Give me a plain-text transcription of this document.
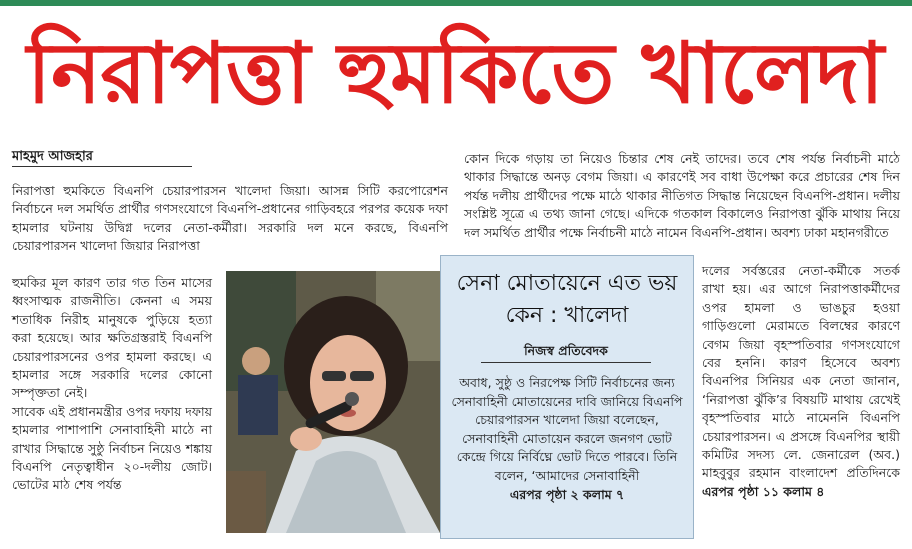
নিরাপত্তা হুমকিতে খালেদা
মাহমুদ আজহার

নিরাপত্তা হুমকিতে বিএনপি চেয়ারপারসন খালেদা জিয়া। আসন্ন সিটি করপোরেশন নির্বাচনে দল সমর্থিত প্রার্থীর গণসংযোগে বিএনপি-প্রধানের গাড়িবহরে পরপর কয়েক দফা হামলার ঘটনায় উদ্বিগ্ন দলের নেতা-কর্মীরা। সরকারি দল মনে করছে, বিএনপি চেয়ারপারসন খালেদা জিয়ার নিরাপত্তা

হুমকির মূল কারণ তার গত তিন মাসের ধ্বংসাত্মক রাজনীতি। কেননা এ সময় শতাধিক নিরীহ মানুষকে পুড়িয়ে হত্যা করা হয়েছে। আর ক্ষতিগ্রস্তরাই বিএনপি চেয়ারপারসনের ওপর হামলা করছে। এ হামলার সঙ্গে সরকারি দলের কোনো সম্পৃক্ততা নেই।

সাবেক এই প্রধানমন্ত্রীর ওপর দফায় দফায় হামলার পাশাপাশি সেনাবাহিনী মাঠে না রাখার সিদ্ধান্তে সুষ্ঠু নির্বাচন নিয়েও শঙ্কায় বিএনপি নেতৃত্বাধীন ২০-দলীয় জোট। ভোটের মাঠ শেষ পর্যন্ত

কোন দিকে গড়ায় তা নিয়েও চিন্তার শেষ নেই তাদের। তবে শেষ পর্যন্ত নির্বাচনী মাঠে থাকার সিদ্ধান্তে অনড় বেগম জিয়া। এ কারণেই সব বাধা উপেক্ষা করে প্রচারের শেষ দিন পর্যন্ত দলীয় প্রার্থীদের পক্ষে মাঠে থাকার নীতিগত সিদ্ধান্ত নিয়েছেন বিএনপি-প্রধান। দলীয় সংশ্লিষ্ট সূত্রে এ তথ্য জানা গেছে। এদিকে গতকাল বিকালেও নিরাপত্তা ঝুঁকি মাথায় নিয়ে দল সমর্থিত প্রার্থীর পক্ষে নির্বাচনী মাঠে নামেন বিএনপি-প্রধান। অবশ্য ঢাকা মহানগরীতে

দলের সর্বস্তরের নেতা-কর্মীকে সতর্ক রাখা হয়। এর আগে নিরাপত্তাকর্মীদের ওপর হামলা ও ভাঙচুর হওয়া গাড়িগুলো মেরামতে বিলম্বের কারণে বেগম জিয়া বৃহস্পতিবার গণসংযোগে বের হননি। কারণ হিসেবে অবশ্য বিএনপির সিনিয়র এক নেতা জানান, ‘নিরাপত্তা ঝুঁকি’র বিষয়টি মাথায় রেখেই বৃহস্পতিবার মাঠে নামেননি বিএনপি চেয়ারপারসন। এ প্রসঙ্গে বিএনপির স্থায়ী কমিটির সদস্য লে. জেনারেল (অব.) মাহবুবুর রহমান বাংলাদেশ প্রতিদিনকে এরপর পৃষ্ঠা ১১ কলাম ৪

সেনা মোতায়েনে এত ভয় কেন : খালেদা
নিজস্ব প্রতিবেদক
অবাধ, সুষ্ঠু ও নিরপেক্ষ সিটি নির্বাচনের জন্য সেনাবাহিনী মোতায়েনের দাবি জানিয়ে বিএনপি চেয়ারপারসন খালেদা জিয়া বলেছেন, সেনাবাহিনী মোতায়েন করলে জনগণ ভোট কেন্দ্রে গিয়ে নির্বিঘ্নে ভোট দিতে পারবে। তিনি বলেন, ‘আমাদের সেনাবাহিনী
এরপর পৃষ্ঠা ২ কলাম ৭
